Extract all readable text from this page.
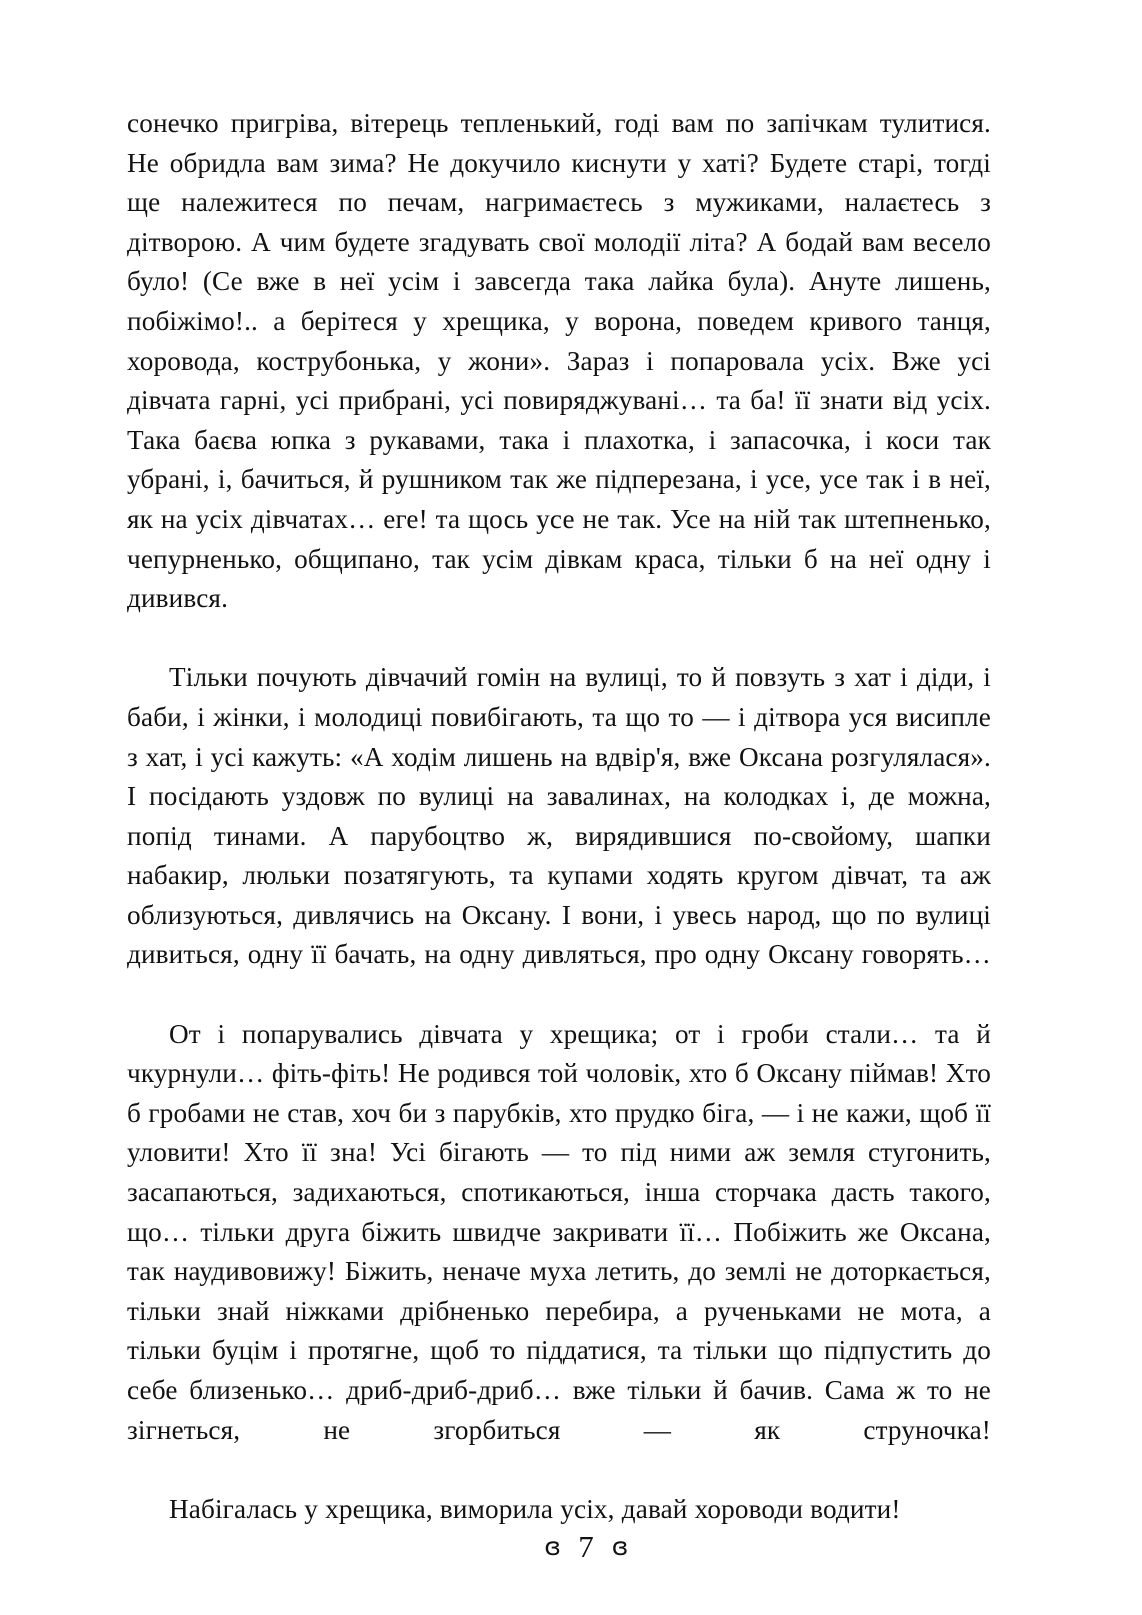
сонечко пригріва, вітерець тепленький, годі вам по запічкам тулитися. Не обридла вам зима? Не докучило киснути у хаті? Будете старі, тогді ще належитеся по печам, нагримаєтесь з мужиками, налаєтесь з дітворою. А чим будете згадувать свої молодії літа? А бодай вам весело було! (Се вже в неї усім і завсегда така лайка була). Ануте лишень, побіжімо!.. а берітеся у хрещика, у ворона, поведем кривого танця, хоровода, кострубонька, у жони». Зараз і попаровала усіх. Вже усі дівчата гарні, усі прибрані, усі повиряджувані… та ба! її знати від усіх. Така баєва юпка з рукавами, така і плахотка, і запасочка, і коси так убрані, і, бачиться, й рушником так же підперезана, і усе, усе так і в неї, як на усіх дівчатах… еге! та щось усе не так. Усе на ній так штепненько, чепурненько, общипано, так усім дівкам краса, тільки б на неї одну і дивився.

Тільки почують дівчачий гомін на вулиці, то й повзуть з хат і діди, і баби, і жінки, і молодиці повибігають, та що то — і дітвора уся висипле з хат, і усі кажуть: «А ходім лишень на вдвір'я, вже Оксана розгулялася». І посідають уздовж по вулиці на завалинах, на колодках і, де можна, попід тинами. А парубоцтво ж, вирядившися по-свойому, шапки набакир, люльки позатягують, та купами ходять кругом дівчат, та аж облизуються, дивлячись на Оксану. І вони, і увесь народ, що по вулиці дивиться, одну її бачать, на одну дивляться, про одну Оксану говорять…

От і попарувались дівчата у хрещика; от і гроби стали… та й чкурнули… фіть-фіть! Не родився той чоловік, хто б Оксану піймав! Хто б гробами не став, хоч би з парубків, хто прудко біга, — і не кажи, щоб її уловити! Хто її зна! Усі бігають — то під ними аж земля стугонить, засапаються, задихаються, спотикаються, інша сторчака дасть такого, що… тільки друга біжить швидче закривати її… Побіжить же Оксана, так наудивовижу! Біжить, неначе муха летить, до землі не доторкається, тільки знай ніжками дрібненько перебира, а рученьками не мота, а тільки буцім і протягне, щоб то піддатися, та тільки що підпустить до себе близенько… дриб-дриб-дриб… вже тільки й бачив. Сама ж то не зігнеться, не згорбиться — як струночка!

Набігалась у хрещика, виморила усіх, давай хороводи водити!

ʚ 7 ɞ
